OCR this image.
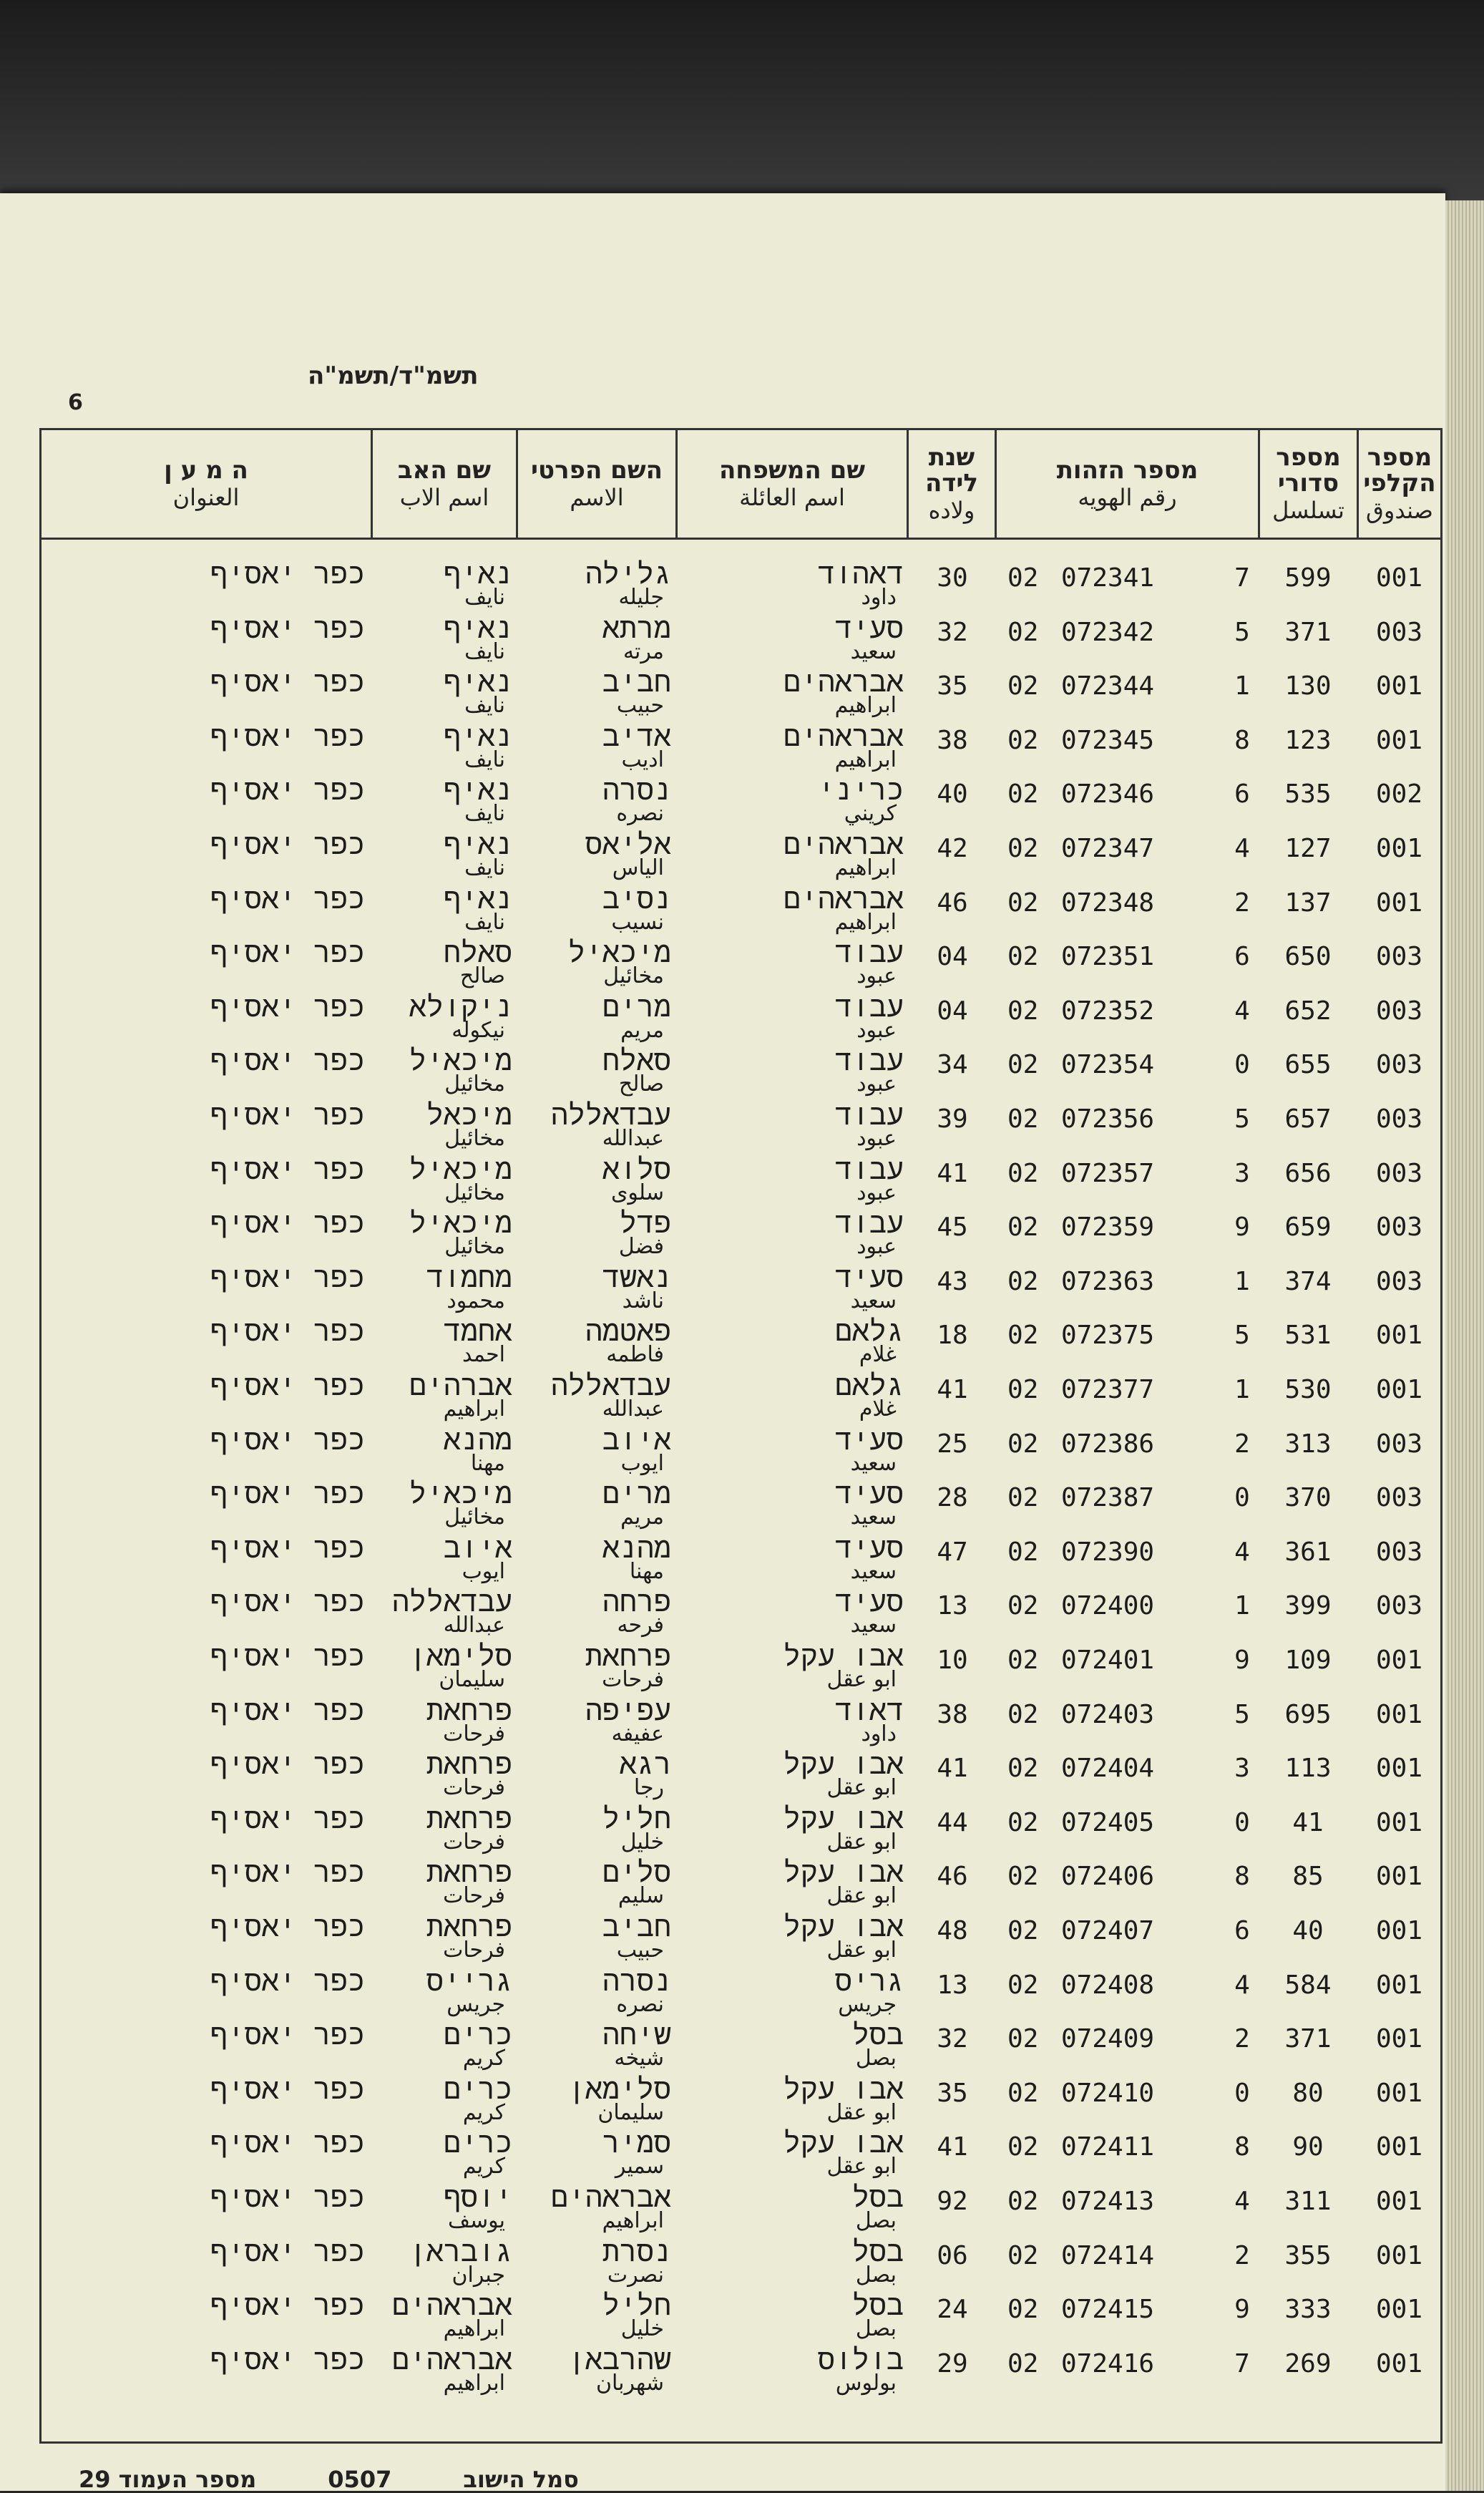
תשמ"ד/תשמ"ה
6
ה מ ע ן
العنوان
שם האב
اسم الاب
השם הפרטי
الاسم
שם המשפחה
اسم العائلة
שנת לידה
ولاده
מספר הזהות
رقم الهويه
מספר סדורי
تسلسل
מספר הקלפי
صندوق
001
599
7
072341
02
30
דאהוד
داود
גלילה
جليله
נאיף
نايف
כפר יאסיף
003
371
5
072342
02
32
סעיד
سعيد
מרתא
مرته
נאיף
نايف
כפר יאסיף
001
130
1
072344
02
35
אבראהים
ابراهيم
חביב
حبيب
נאיף
نايف
כפר יאסיף
001
123
8
072345
02
38
אבראהים
ابراهيم
אדיב
اديب
נאיף
نايف
כפר יאסיף
002
535
6
072346
02
40
כריני
كريني
נסרה
نصره
נאיף
نايف
כפר יאסיף
001
127
4
072347
02
42
אבראהים
ابراهيم
אליאס
الياس
נאיף
نايف
כפר יאסיף
001
137
2
072348
02
46
אבראהים
ابراهيم
נסיב
نسيب
נאיף
نايف
כפר יאסיף
003
650
6
072351
02
04
עבוד
عبود
מיכאיל
مخائيل
סאלח
صالح
כפר יאסיף
003
652
4
072352
02
04
עבוד
عبود
מרים
مريم
ניקולא
نيكوله
כפר יאסיף
003
655
0
072354
02
34
עבוד
عبود
סאלח
صالح
מיכאיל
مخائيل
כפר יאסיף
003
657
5
072356
02
39
עבוד
عبود
עבדאללה
عبدالله
מיכאל
مخائيل
כפר יאסיף
003
656
3
072357
02
41
עבוד
عبود
סלוא
سلوى
מיכאיל
مخائيل
כפר יאסיף
003
659
9
072359
02
45
עבוד
عبود
פדל
فضل
מיכאיל
مخائيل
כפר יאסיף
003
374
1
072363
02
43
סעיד
سعيد
נאשד
ناشد
מחמוד
محمود
כפר יאסיף
001
531
5
072375
02
18
גלאם
غلام
פאטמה
فاطمه
אחמד
احمد
כפר יאסיף
001
530
1
072377
02
41
גלאם
غلام
עבדאללה
عبدالله
אברהים
ابراهيم
כפר יאסיף
003
313
2
072386
02
25
סעיד
سعيد
איוב
ايوب
מהנא
مهنا
כפר יאסיף
003
370
0
072387
02
28
סעיד
سعيد
מרים
مريم
מיכאיל
مخائيل
כפר יאסיף
003
361
4
072390
02
47
סעיד
سعيد
מהנא
مهنا
איוב
ايوب
כפר יאסיף
003
399
1
072400
02
13
סעיד
سعيد
פרחה
فرحه
עבדאללה
عبدالله
כפר יאסיף
001
109
9
072401
02
10
אבו עקל
ابو عقل
פרחאת
فرحات
סלימאן
سليمان
כפר יאסיף
001
695
5
072403
02
38
דאוד
داود
עפיפה
عفيفه
פרחאת
فرحات
כפר יאסיף
001
113
3
072404
02
41
אבו עקל
ابو عقل
רגא
رجا
פרחאת
فرحات
כפר יאסיף
001
41
0
072405
02
44
אבו עקל
ابو عقل
חליל
خليل
פרחאת
فرحات
כפר יאסיף
001
85
8
072406
02
46
אבו עקל
ابو عقل
סלים
سليم
פרחאת
فرحات
כפר יאסיף
001
40
6
072407
02
48
אבו עקל
ابو عقل
חביב
حبيب
פרחאת
فرحات
כפר יאסיף
001
584
4
072408
02
13
גריס
جريس
נסרה
نصره
גרייס
جريس
כפר יאסיף
001
371
2
072409
02
32
בסל
بصل
שיחה
شيخه
כרים
كريم
כפר יאסיף
001
80
0
072410
02
35
אבו עקל
ابو عقل
סלימאן
سليمان
כרים
كريم
כפר יאסיף
001
90
8
072411
02
41
אבו עקל
ابو عقل
סמיר
سمير
כרים
كريم
כפר יאסיף
001
311
4
072413
02
92
בסל
بصل
אבראהים
ابراهيم
יוסף
يوسف
כפר יאסיף
001
355
2
072414
02
06
בסל
بصل
נסרת
نصرت
גובראן
جبران
כפר יאסיף
001
333
9
072415
02
24
בסל
بصل
חליל
خليل
אבראהים
ابراهيم
כפר יאסיף
001
269
7
072416
02
29
בולוס
بولوس
שהרבאן
شهربان
אבראהים
ابراهيم
כפר יאסיף
29 מספר העמוד	0507	סמל הישוב
